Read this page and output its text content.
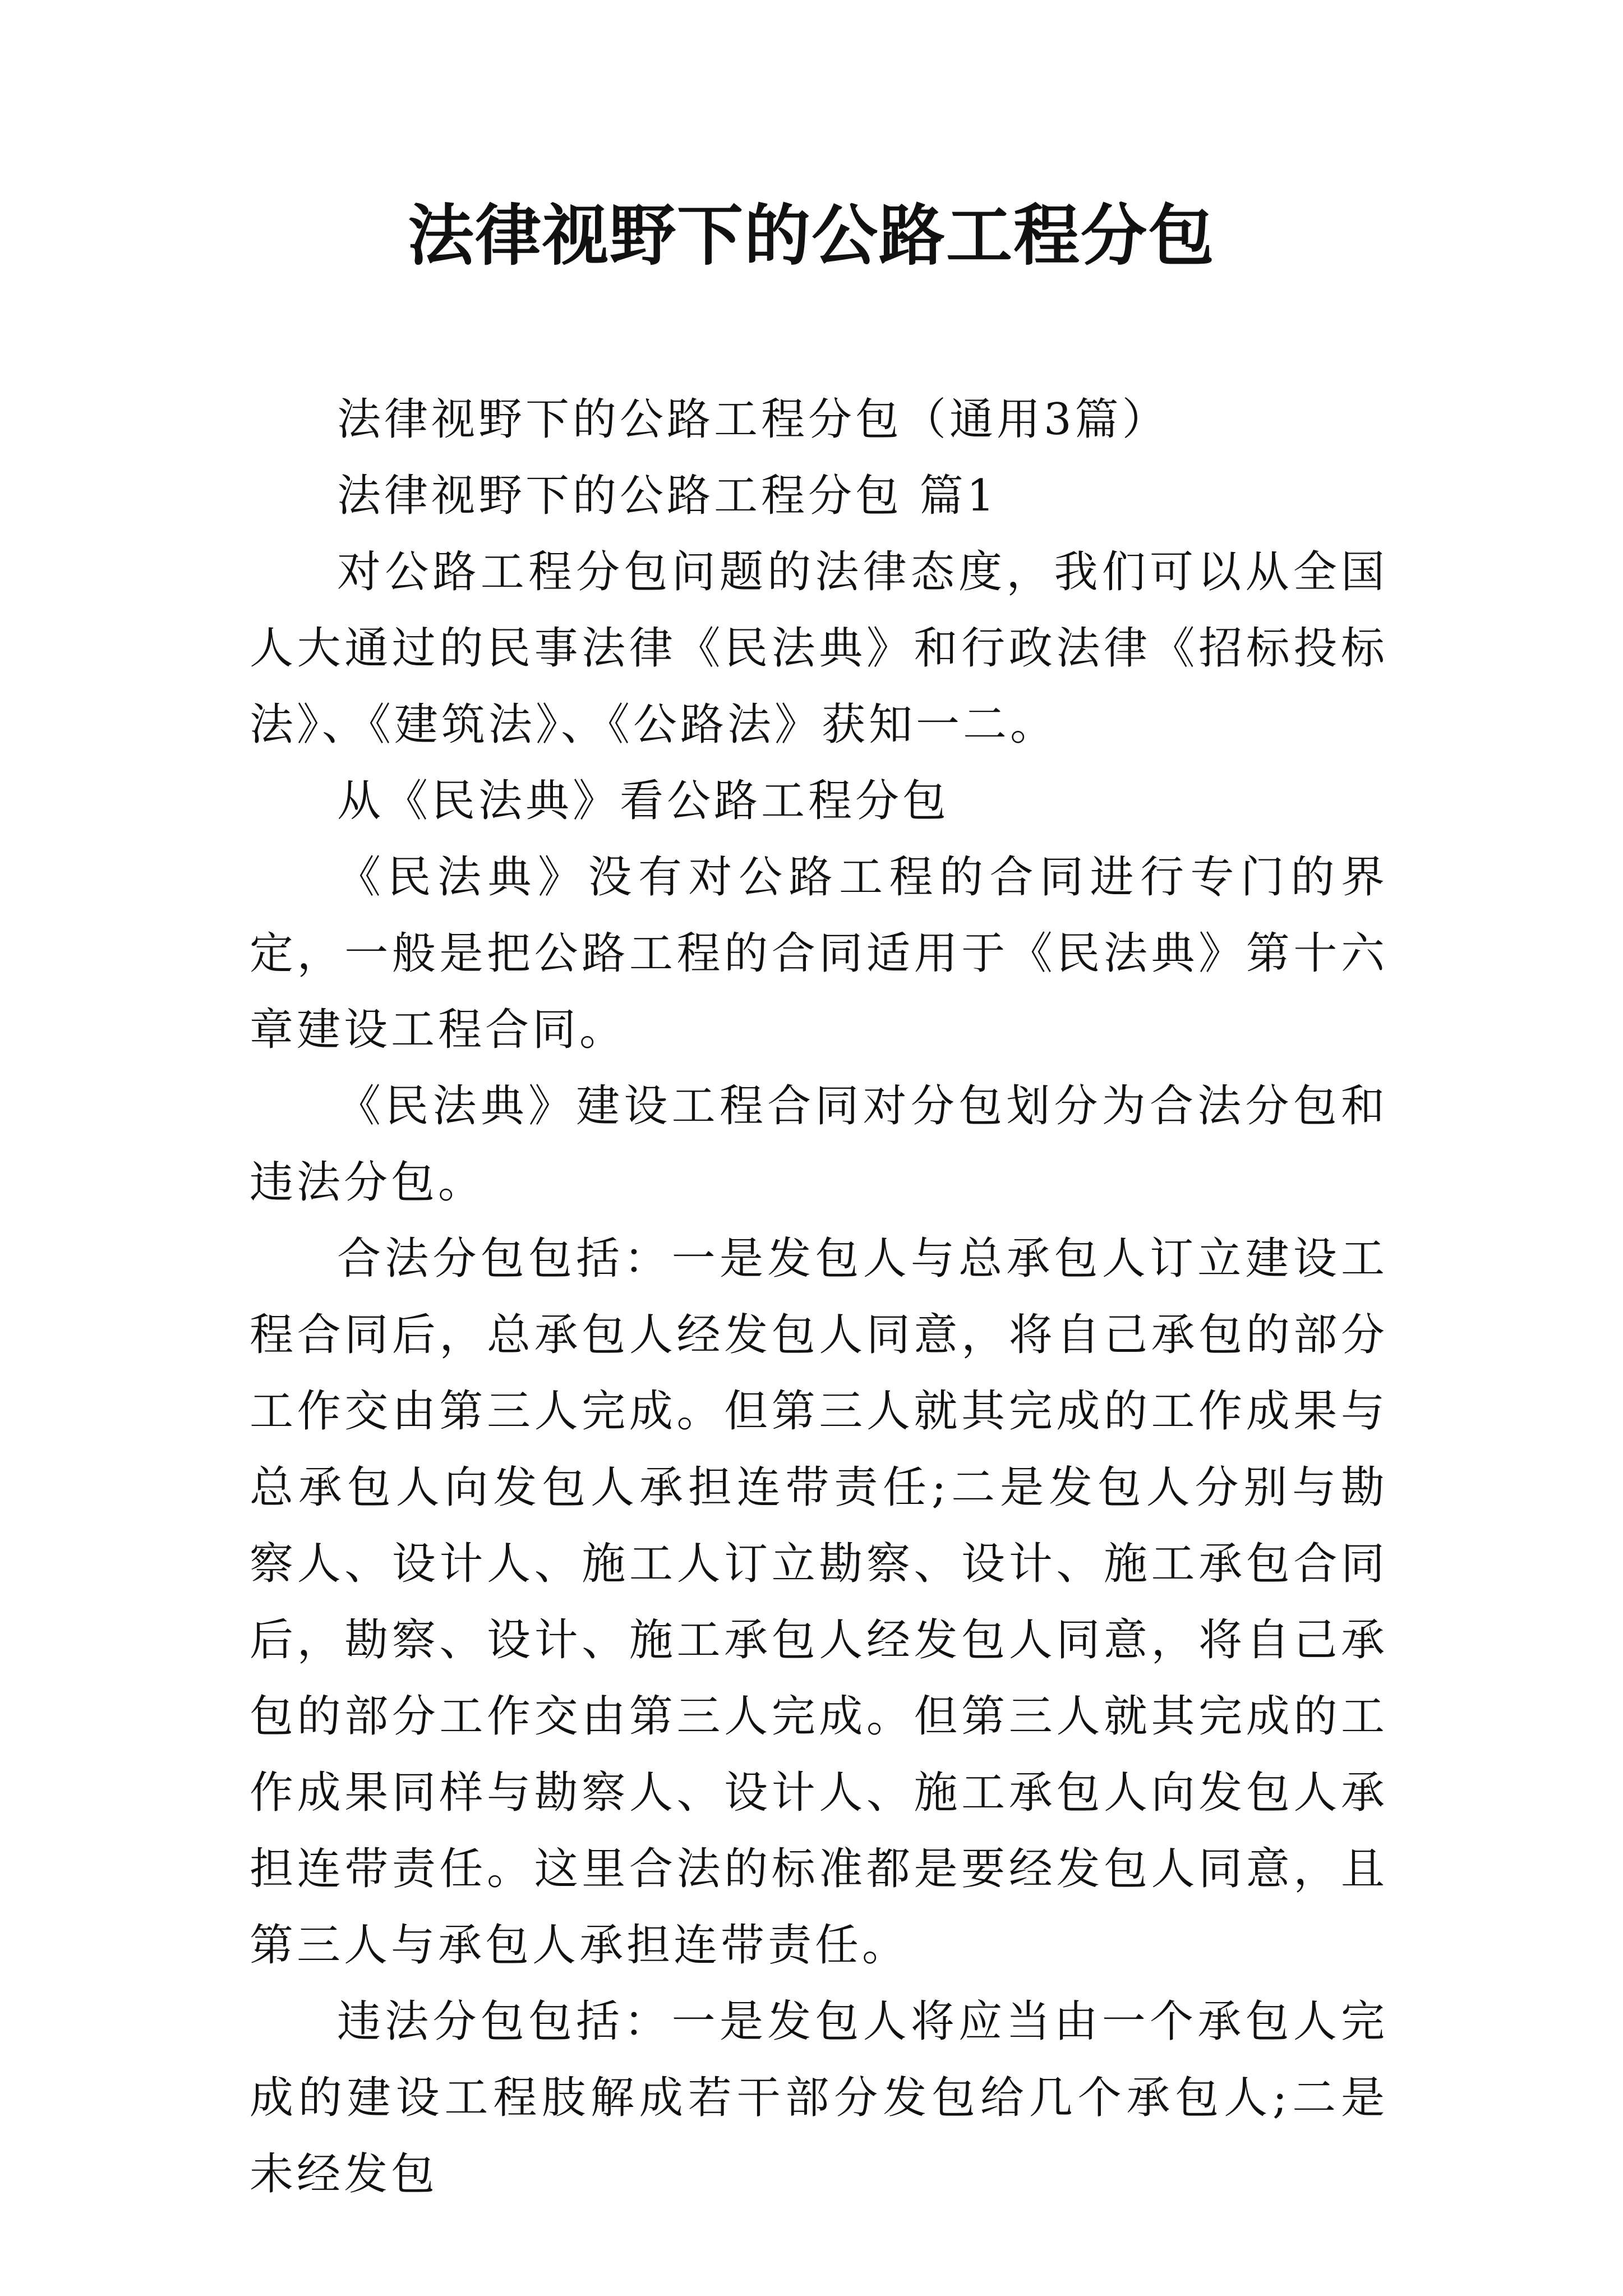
法律视野下的公路工程分包

法律视野下的公路工程分包（通用3篇）

法律视野下的公路工程分包 篇1

对公路工程分包问题的法律态度，我们可以从全国人大通过的民事法律《民法典》和行政法律《招标投标法》、《建筑法》、《公路法》获知一二。

从《民法典》看公路工程分包

《民法典》没有对公路工程的合同进行专门的界定，一般是把公路工程的合同适用于《民法典》第十六章建设工程合同。

《民法典》建设工程合同对分包划分为合法分包和违法分包。

合法分包包括：一是发包人与总承包人订立建设工程合同后，总承包人经发包人同意，将自己承包的部分工作交由第三人完成。但第三人就其完成的工作成果与总承包人向发包人承担连带责任;二是发包人分别与勘察人、设计人、施工人订立勘察、设计、施工承包合同后，勘察、设计、施工承包人经发包人同意，将自己承包的部分工作交由第三人完成。但第三人就其完成的工作成果同样与勘察人、设计人、施工承包人向发包人承担连带责任。这里合法的标准都是要经发包人同意，且第三人与承包人承担连带责任。

违法分包包括：一是发包人将应当由一个承包人完成的建设工程肢解成若干部分发包给几个承包人;二是未经发包
